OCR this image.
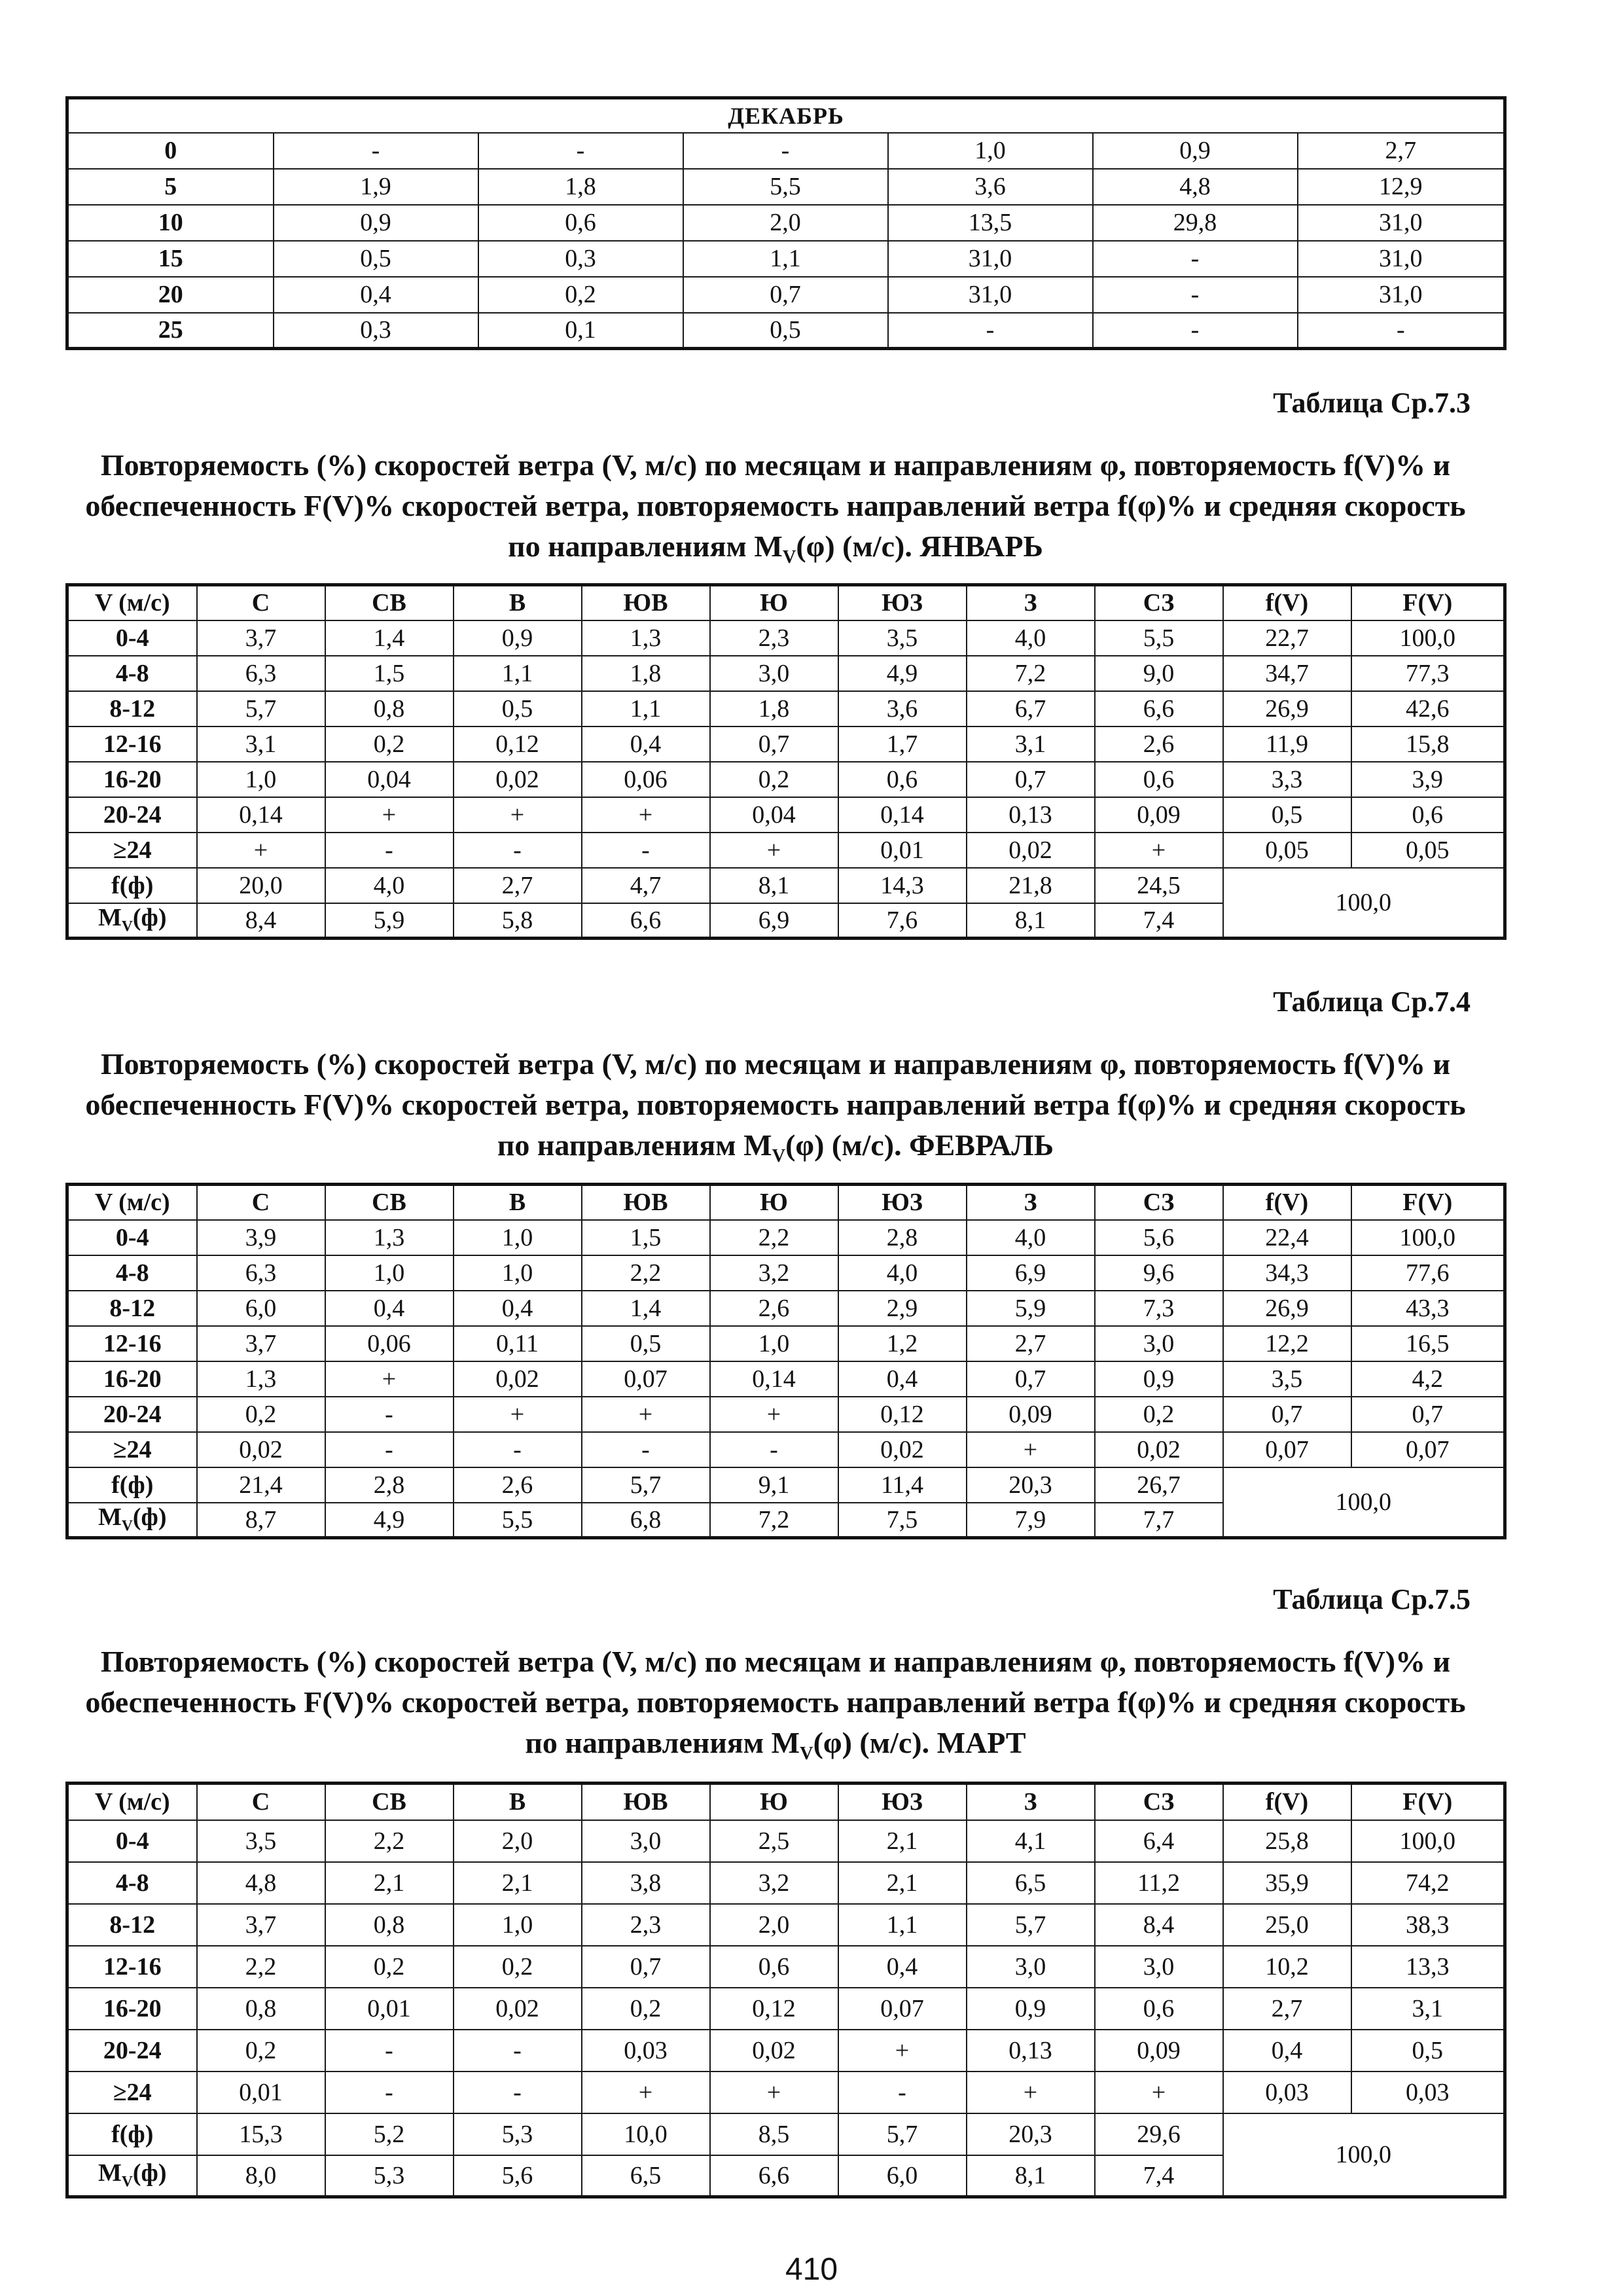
ДЕКАБРЬ						
0	-	-	-	1,0	0,9	2,7
5	1,9	1,8	5,5	3,6	4,8	12,9
10	0,9	0,6	2,0	13,5	29,8	31,0
15	0,5	0,3	1,1	31,0	-	31,0
20	0,4	0,2	0,7	31,0	-	31,0
25	0,3	0,1	0,5	-	-	-

Таблица Ср.7.3

Повторяемость (%) скоростей ветра (V, м/с) по месяцам и направлениям φ, повторяемость f(V)% и обеспеченность F(V)% скоростей ветра, повторяемость направлений ветра f(φ)% и средняя скорость по направлениям $M_V(\varphi)$ (м/с). ЯНВАРЬ

V (м/с)	С	СВ	В	ЮВ	Ю	ЮЗ	З	СЗ	f(V)	F(V)
0-4	3,7	1,4	0,9	1,3	2,3	3,5	4,0	5,5	22,7	100,0
4-8	6,3	1,5	1,1	1,8	3,0	4,9	7,2	9,0	34,7	77,3
8-12	5,7	0,8	0,5	1,1	1,8	3,6	6,7	6,6	26,9	42,6
12-16	3,1	0,2	0,12	0,4	0,7	1,7	3,1	2,6	11,9	15,8
16-20	1,0	0,04	0,02	0,06	0,2	0,6	0,7	0,6	3,3	3,9
20-24	0,14	+	+	+	0,04	0,14	0,13	0,09	0,5	0,6
≥24	+	-	-	-	+	0,01	0,02	+	0,05	0,05
f(ф)	20,0	4,0	2,7	4,7	8,1	14,3	21,8	24,5	100,0	
$M_V(ф)$	8,4	5,9	5,8	6,6	6,9	7,6	8,1	7,4		

Таблица Ср.7.4

Повторяемость (%) скоростей ветра (V, м/с) по месяцам и направлениям φ, повторяемость f(V)% и обеспеченность F(V)% скоростей ветра, повторяемость направлений ветра f(φ)% и средняя скорость по направлениям $M_V(\varphi)$ (м/с). ФЕВРАЛЬ

V (м/с)	С	СВ	В	ЮВ	Ю	ЮЗ	З	СЗ	f(V)	F(V)
0-4	3,9	1,3	1,0	1,5	2,2	2,8	4,0	5,6	22,4	100,0
4-8	6,3	1,0	1,0	2,2	3,2	4,0	6,9	9,6	34,3	77,6
8-12	6,0	0,4	0,4	1,4	2,6	2,9	5,9	7,3	26,9	43,3
12-16	3,7	0,06	0,11	0,5	1,0	1,2	2,7	3,0	12,2	16,5
16-20	1,3	+	0,02	0,07	0,14	0,4	0,7	0,9	3,5	4,2
20-24	0,2	-	+	+	+	0,12	0,09	0,2	0,7	0,7
≥24	0,02	-	-	-	-	0,02	+	0,02	0,07	0,07
f(ф)	21,4	2,8	2,6	5,7	9,1	11,4	20,3	26,7	100,0	
$M_V(ф)$	8,7	4,9	5,5	6,8	7,2	7,5	7,9	7,7		

Таблица Ср.7.5

Повторяемость (%) скоростей ветра (V, м/с) по месяцам и направлениям φ, повторяемость f(V)% и обеспеченность F(V)% скоростей ветра, повторяемость направлений ветра f(φ)% и средняя скорость по направлениям $M_V(\varphi)$ (м/с). МАРТ

V (м/с)	С	СВ	В	ЮВ	Ю	ЮЗ	З	СЗ	f(V)	F(V)
0-4	3,5	2,2	2,0	3,0	2,5	2,1	4,1	6,4	25,8	100,0
4-8	4,8	2,1	2,1	3,8	3,2	2,1	6,5	11,2	35,9	74,2
8-12	3,7	0,8	1,0	2,3	2,0	1,1	5,7	8,4	25,0	38,3
12-16	2,2	0,2	0,2	0,7	0,6	0,4	3,0	3,0	10,2	13,3
16-20	0,8	0,01	0,02	0,2	0,12	0,07	0,9	0,6	2,7	3,1
20-24	0,2	-	-	0,03	0,02	+	0,13	0,09	0,4	0,5
≥24	0,01	-	-	+	+	-	+	+	0,03	0,03
f(ф)	15,3	5,2	5,3	10,0	8,5	5,7	20,3	29,6	100,0	
$M_V(ф)$	8,0	5,3	5,6	6,5	6,6	6,0	8,1	7,4		

410
